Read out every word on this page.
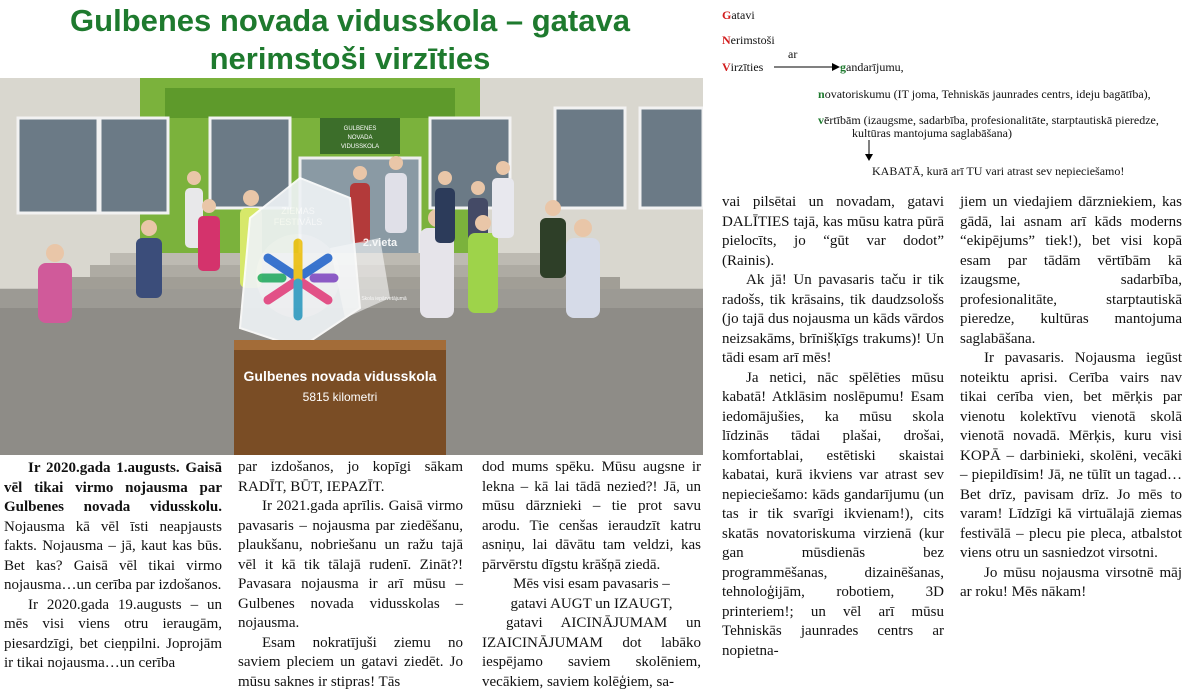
Gulbenes novada vidusskola – gatava
nerimstoši virzīties
GULBENES
NOVADA
VIDUSSKOLA
ZIEMAS
FESTIVĀLS
2.vieta
Skola iepārvetājumā
Gulbenes novada vidusskola
5815 kilometri
Gatavi
Nerimstoši
ar
Virzīties	gandarījumu,
novatoriskumu (IT joma, Tehniskās jaunrades centrs, ideju bagātība),
vērtībām (izaugsme, sadarbība, profesionalitāte, starptautiskā pieredze,
kultūras mantojuma saglabāšana)
KABATĀ, kurā arī TU vari atrast sev nepieciešamo!

Ir 2020.gada 1.augusts. Gaisā vēl tikai virmo nojausma par Gulbenes novada vidusskolu. Nojausma kā vēl īsti neapjausts fakts. Nojausma – jā, kaut kas būs. Bet kas? Gaisā vēl tikai virmo nojausma…un cerība par izdošanos.

Ir 2020.gada 19.augusts – un mēs visi viens otru ieraugām, piesardzīgi, bet cieņpilni. Joprojām ir tikai nojausma…un cerība

par izdošanos, jo kopīgi sākam RADĪT, BŪT, IEPAZĪT.

Ir 2021.gada aprīlis. Gaisā virmo pavasaris – nojausma par ziedēšanu, plaukšanu, nobriešanu un ražu tajā vēl it kā tik tālajā rudenī. Zināt?! Pavasara nojausma ir arī mūsu – Gulbenes novada vidusskolas – nojausma.

Esam nokratījuši ziemu no saviem pleciem un gatavi ziedēt. Jo mūsu saknes ir stipras! Tās

dod mums spēku. Mūsu augsne ir lekna – kā lai tādā nezied?! Jā, un mūsu dārznieki – tie prot savu arodu. Tie cenšas ieraudzīt katru asniņu, lai dāvātu tam veldzi, kas pārvērstu dīgstu krāšņā ziedā.

Mēs visi esam pavasaris –

gatavi AUGT un IZAUGT,

gatavi AICINĀJUMAM un IZAICINĀJUMAM dot labāko iespējamo saviem skolēniem, vecākiem, saviem kolēģiem, sa-

vai pilsētai un novadam, gatavi DALĪTIES tajā, kas mūsu katra pūrā pielocīts, jo “gūt var dodot” (Rainis).

Ak jā! Un pavasaris taču ir tik radošs, tik krāsains, tik daudzsološs (jo tajā dus nojausma un kāds vārdos neizsakāms, brīnišķīgs trakums)! Un tādi esam arī mēs!

Ja netici, nāc spēlēties mūsu kabatā! Atklāsim noslēpumu! Esam iedomājušies, ka mūsu skola līdzinās tādai plašai, drošai, komfortablai, estētiski skaistai kabatai, kurā ikviens var atrast sev nepieciešamo: kāds gandarījumu (un tas ir tik svarīgi ikvienam!), cits skatās novatoriskuma virzienā (kur gan mūsdienās bez programmēšanas, dizainēšanas, tehnoloģijām, robotiem, 3D printeriem!; un vēl arī mūsu Tehniskās jaunrades centrs ar nopietna-

jiem un viedajiem dārzniekiem, kas gādā, lai asnam arī kāds moderns “ekipējums” tiek!), bet visi kopā esam par tādām vērtībām kā izaugsme, sadarbība, profesionalitāte, starptautiskā pieredze, kultūras mantojuma saglabāšana.

Ir pavasaris. Nojausma iegūst noteiktu aprisi. Cerība vairs nav tikai cerība vien, bet mērķis par vienotu kolektīvu vienotā skolā vienotā novadā. Mērķis, kuru visi KOPĀ – darbinieki, skolēni, vecāki – piepildīsim! Jā, ne tūlīt un tagad… Bet drīz, pavisam drīz. Jo mēs to varam! Līdzīgi kā virtuālajā ziemas festivālā – plecu pie pleca, atbalstot viens otru un sasniedzot virsotni.

Jo mūsu nojausma virsotnē māj ar roku! Mēs nākam!
